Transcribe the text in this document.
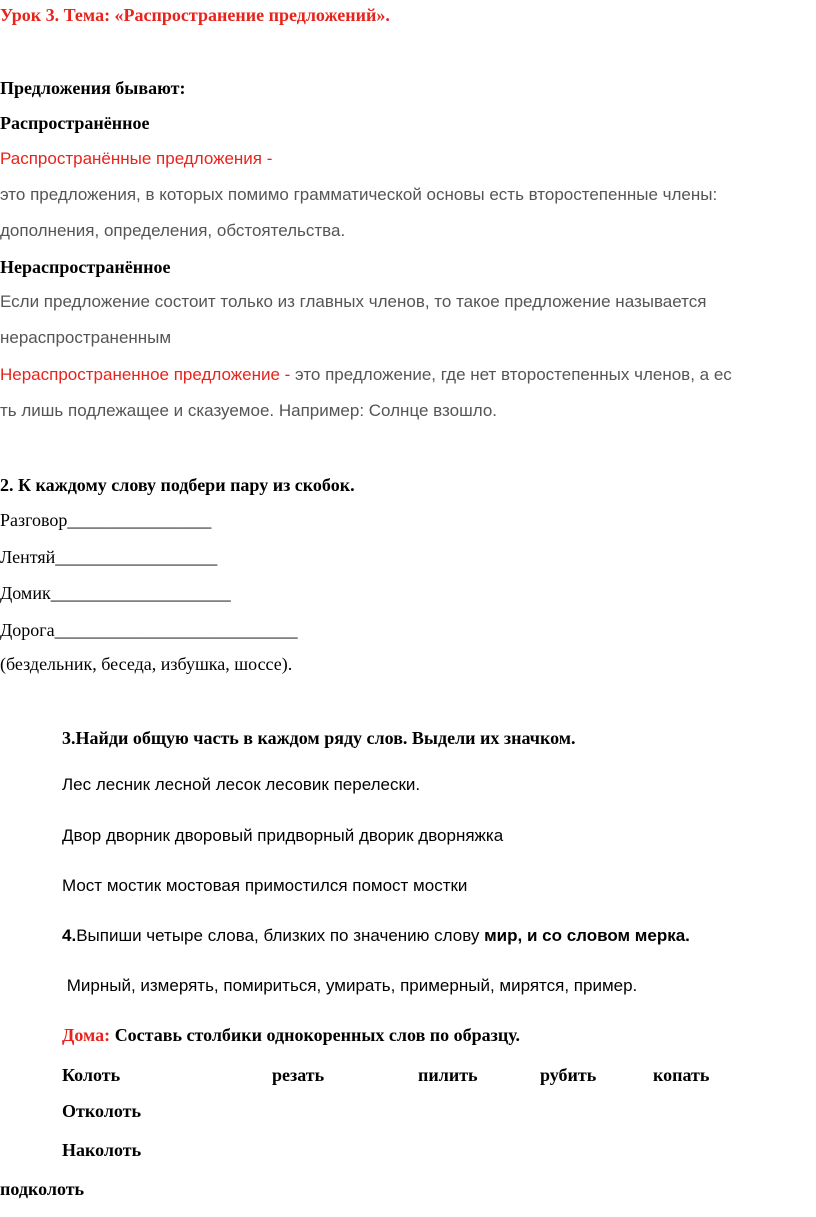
Урок 3. Тема: «Распространение предложений».
Предложения бывают:
Распространённое
Распространённые предложения -
это предложения, в которых помимо грамматической основы есть второстепенные члены:
дополнения, определения, обстоятельства.
Нераспространённое
Если предложение состоит только из главных членов, то такое предложение называется
нераспространенным
Нераспространенное предложение - это предложение, где нет второстепенных членов, а ес
ть лишь подлежащее и сказуемое. Например: Солнце взошло.
2. К каждому слову подбери пару из скобок.
Разговор________________
Лентяй__________________
Домик____________________
Дорога___________________________
(бездельник, беседа, избушка, шоссе).
3.Найди общую часть в каждом ряду слов. Выдели их значком.
Лес лесник лесной лесок лесовик перелески.
Двор дворник дворовый придворный дворик дворняжка
Мост мостик мостовая примостился помост мостки
4.Выпиши четыре слова, близких по значению слову мир, и со словом мерка.
Мирный, измерять, помириться, умирать, примерный, мирятся, пример.
Дома: Составь столбики однокоренных слов по образцу.
Колоть	резать	пилить	рубить	копать
Отколоть
Наколоть
подколоть
